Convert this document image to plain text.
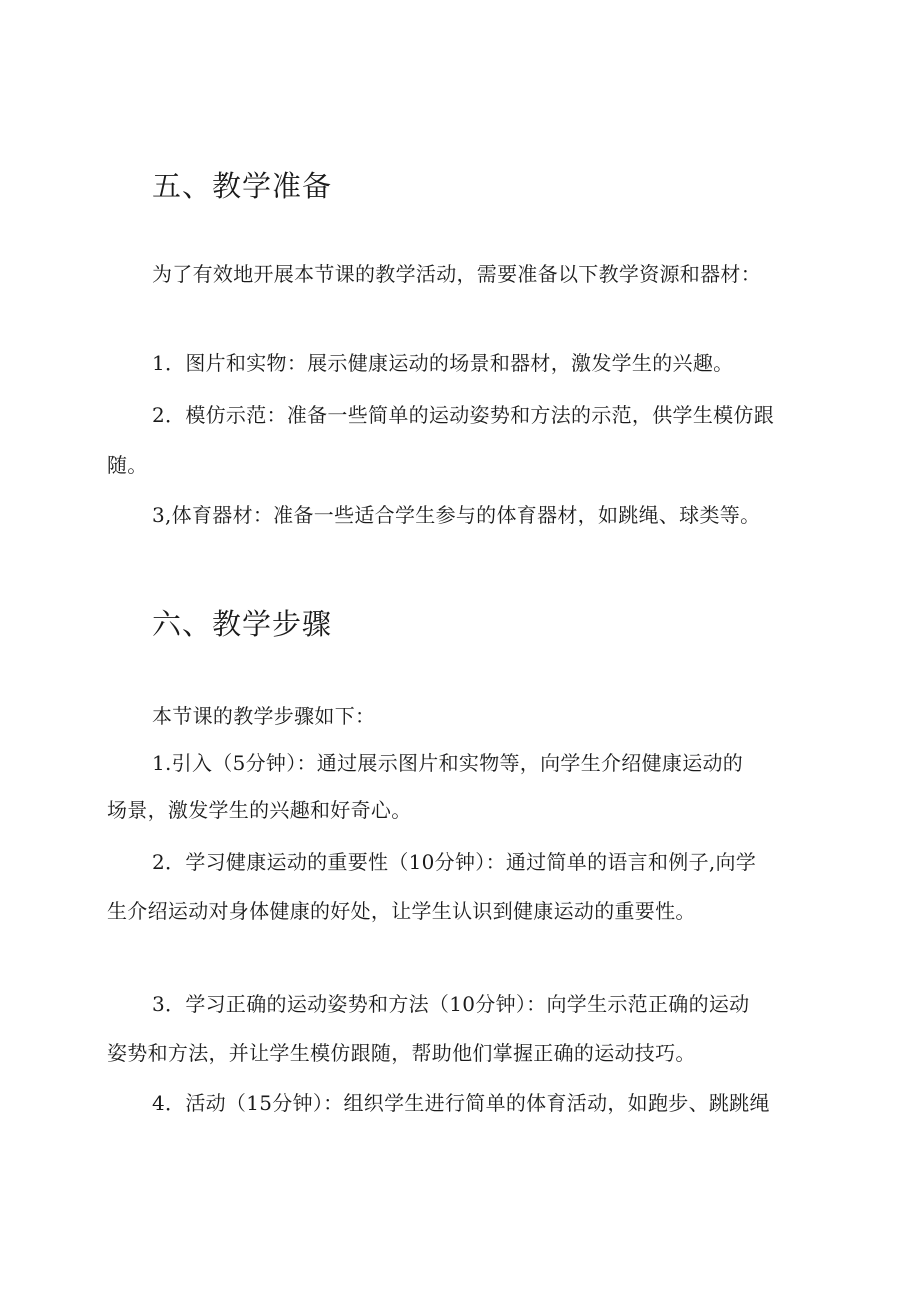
五、教学准备

为了有效地开展本节课的教学活动，需要准备以下教学资源和器材：

1．图片和实物：展示健康运动的场景和器材，激发学生的兴趣。

2．模仿示范：准备一些简单的运动姿势和方法的示范，供学生模仿跟

随。

3,体育器材：准备一些适合学生参与的体育器材，如跳绳、球类等。

六、教学步骤

本节课的教学步骤如下：

1.引入（5分钟）：通过展示图片和实物等，向学生介绍健康运动的

场景，激发学生的兴趣和好奇心。

2．学习健康运动的重要性（10分钟）：通过简单的语言和例子,向学

生介绍运动对身体健康的好处，让学生认识到健康运动的重要性。

3．学习正确的运动姿势和方法（10分钟）：向学生示范正确的运动

姿势和方法，并让学生模仿跟随，帮助他们掌握正确的运动技巧。

4．活动（15分钟）：组织学生进行简单的体育活动，如跑步、跳跳绳
